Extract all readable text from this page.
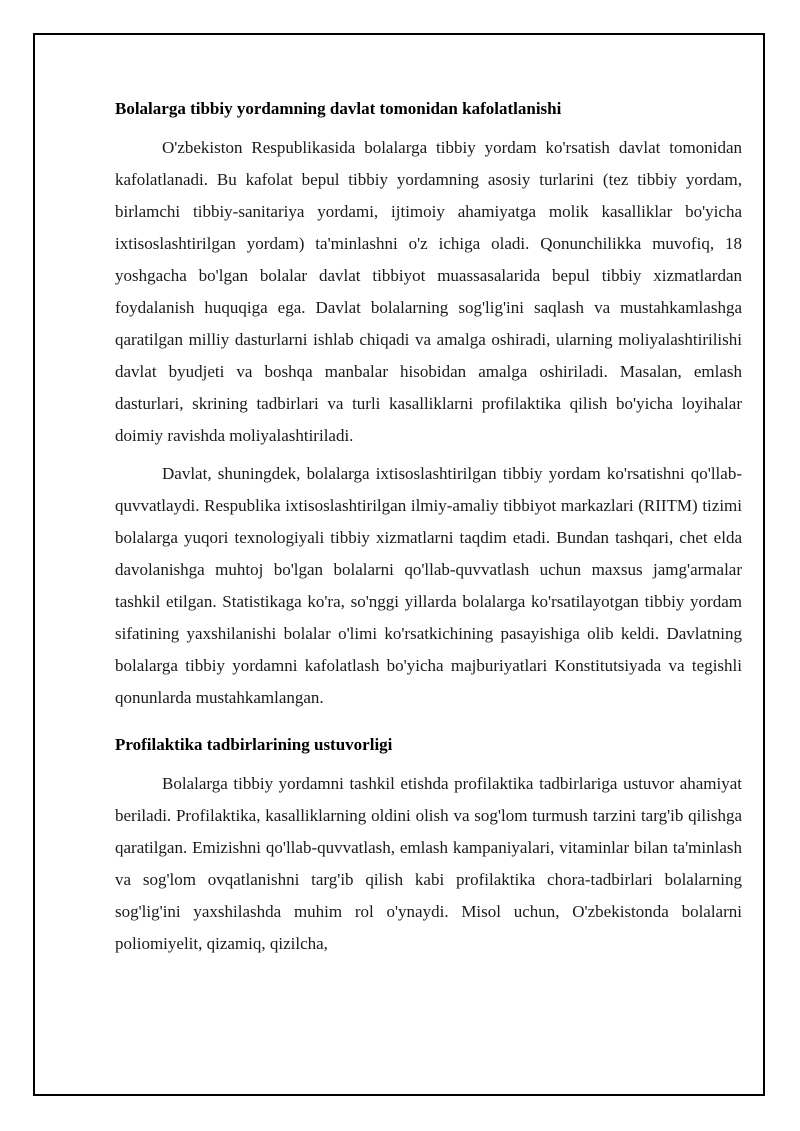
Bolalarga tibbiy yordamning davlat tomonidan kafolatlanishi

O'zbekiston Respublikasida bolalarga tibbiy yordam ko'rsatish davlat tomonidan kafolatlanadi. Bu kafolat bepul tibbiy yordamning asosiy turlarini (tez tibbiy yordam, birlamchi tibbiy-sanitariya yordami, ijtimoiy ahamiyatga molik kasalliklar bo'yicha ixtisoslashtirilgan yordam) ta'minlashni o'z ichiga oladi. Qonunchilikka muvofiq, 18 yoshgacha bo'lgan bolalar davlat tibbiyot muassasalarida bepul tibbiy xizmatlardan foydalanish huquqiga ega. Davlat bolalarning sog'lig'ini saqlash va mustahkamlashga qaratilgan milliy dasturlarni ishlab chiqadi va amalga oshiradi, ularning moliyalashtirilishi davlat byudjeti va boshqa manbalar hisobidan amalga oshiriladi. Masalan, emlash dasturlari, skrining tadbirlari va turli kasalliklarni profilaktika qilish bo'yicha loyihalar doimiy ravishda moliyalashtiriladi.

Davlat, shuningdek, bolalarga ixtisoslashtirilgan tibbiy yordam ko'rsatishni qo'llab-quvvatlaydi. Respublika ixtisoslashtirilgan ilmiy-amaliy tibbiyot markazlari (RIITM) tizimi bolalarga yuqori texnologiyali tibbiy xizmatlarni taqdim etadi. Bundan tashqari, chet elda davolanishga muhtoj bo'lgan bolalarni qo'llab-quvvatlash uchun maxsus jamg'armalar tashkil etilgan. Statistikaga ko'ra, so'nggi yillarda bolalarga ko'rsatilayotgan tibbiy yordam sifatining yaxshilanishi bolalar o'limi ko'rsatkichining pasayishiga olib keldi. Davlatning bolalarga tibbiy yordamni kafolatlash bo'yicha majburiyatlari Konstitutsiyada va tegishli qonunlarda mustahkamlangan.

Profilaktika tadbirlarining ustuvorligi

Bolalarga tibbiy yordamni tashkil etishda profilaktika tadbirlariga ustuvor ahamiyat beriladi. Profilaktika, kasalliklarning oldini olish va sog'lom turmush tarzini targ'ib qilishga qaratilgan. Emizishni qo'llab-quvvatlash, emlash kampaniyalari, vitaminlar bilan ta'minlash va sog'lom ovqatlanishni targ'ib qilish kabi profilaktika chora-tadbirlari bolalarning sog'lig'ini yaxshilashda muhim rol o'ynaydi. Misol uchun, O'zbekistonda bolalarni poliomiyelit, qizamiq, qizilcha,
